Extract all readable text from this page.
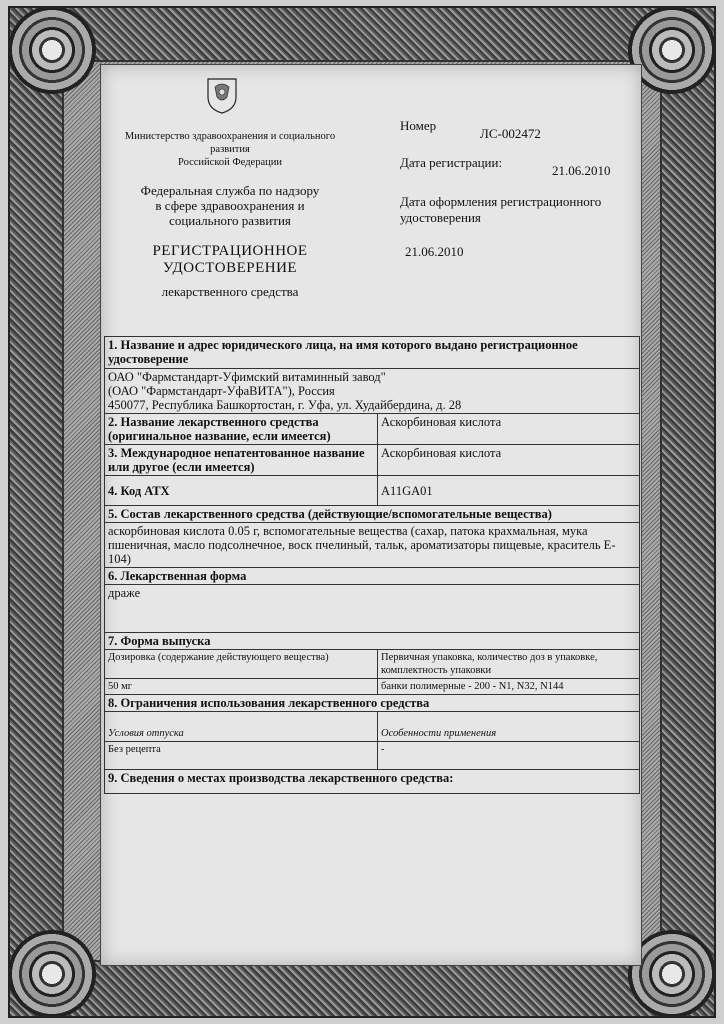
Министерство здравоохранения и социального
развития
Российской Федерации
Федеральная служба по надзору
в сфере здравоохранения и
социального развития
РЕГИСТРАЦИОННОЕ
УДОСТОВЕРЕНИЕ
лекарственного средства
Номер
ЛС-002472
Дата регистрации:
21.06.2010
Дата оформления регистрационного удостоверения
21.06.2010
1. Название и адрес юридического лица, на имя которого выдано регистрационное удостоверение	

ОАО "Фармстандарт-Уфимский витаминный завод"
(ОАО "Фармстандарт-УфаВИТА"), Россия
450077, Республика Башкортостан, г. Уфа, ул. Худайбердина, д. 28	

2. Название лекарственного средства (оригинальное название, если имеется)	Аскорбиновая кислота
3. Международное непатентованное название или другое (если имеется)	Аскорбиновая кислота
4. Код АТХ	A11GA01
5. Состав лекарственного средства (действующие/вспомогательные вещества)	
аскорбиновая кислота 0.05 г, вспомогательные вещества (сахар, патока крахмальная, мука пшеничная, масло подсолнечное, воск пчелиный, тальк, ароматизаторы пищевые, краситель E-104)	
6. Лекарственная форма	
драже	
7. Форма выпуска	
Дозировка (содержание действующего вещества)	Первичная упаковка, количество доз в упаковке, комплектность упаковки
50 мг	банки полимерные - 200 - N1, N32, N144
8. Ограничения использования лекарственного средства	
Условия отпуска	Особенности применения
Без рецепта	-
9. Сведения о местах производства лекарственного средства:	
